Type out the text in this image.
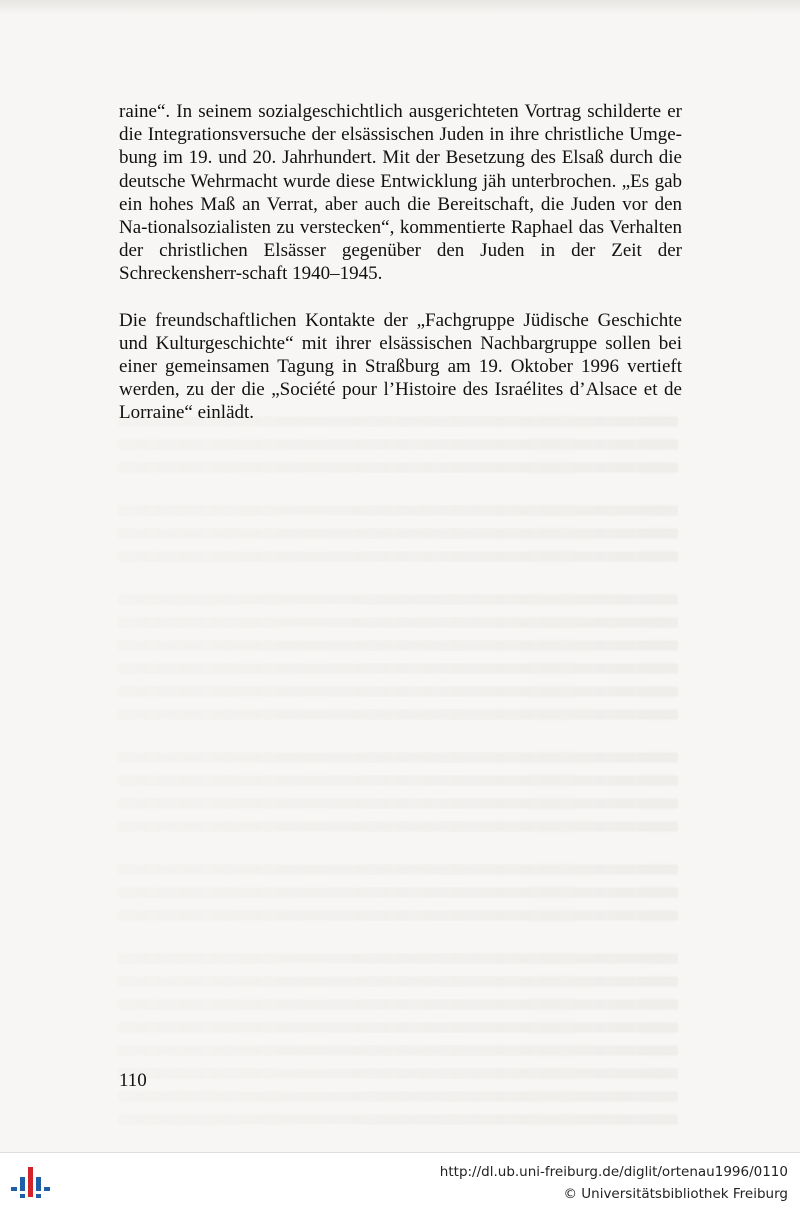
raine“. In seinem sozialgeschichtlich ausgerichteten Vortrag schilderte er die Integrationsversuche der elsässischen Juden in ihre christliche Umge-bung im 19. und 20. Jahrhundert. Mit der Besetzung des Elsaß durch die deutsche Wehrmacht wurde diese Entwicklung jäh unterbrochen. „Es gab ein hohes Maß an Verrat, aber auch die Bereitschaft, die Juden vor den Na-tionalsozialisten zu verstecken“, kommentierte Raphael das Verhalten der christlichen Elsässer gegenüber den Juden in der Zeit der Schreckensherr-schaft 1940–1945.

Die freundschaftlichen Kontakte der „Fachgruppe Jüdische Geschichte und Kulturgeschichte“ mit ihrer elsässischen Nachbargruppe sollen bei einer gemeinsamen Tagung in Straßburg am 19. Oktober 1996 vertieft werden, zu der die „Société pour l’Histoire des Israélites d’Alsace et de Lorraine“ einlädt.

110
http://dl.ub.uni-freiburg.de/diglit/ortenau1996/0110
© Universitätsbibliothek Freiburg
